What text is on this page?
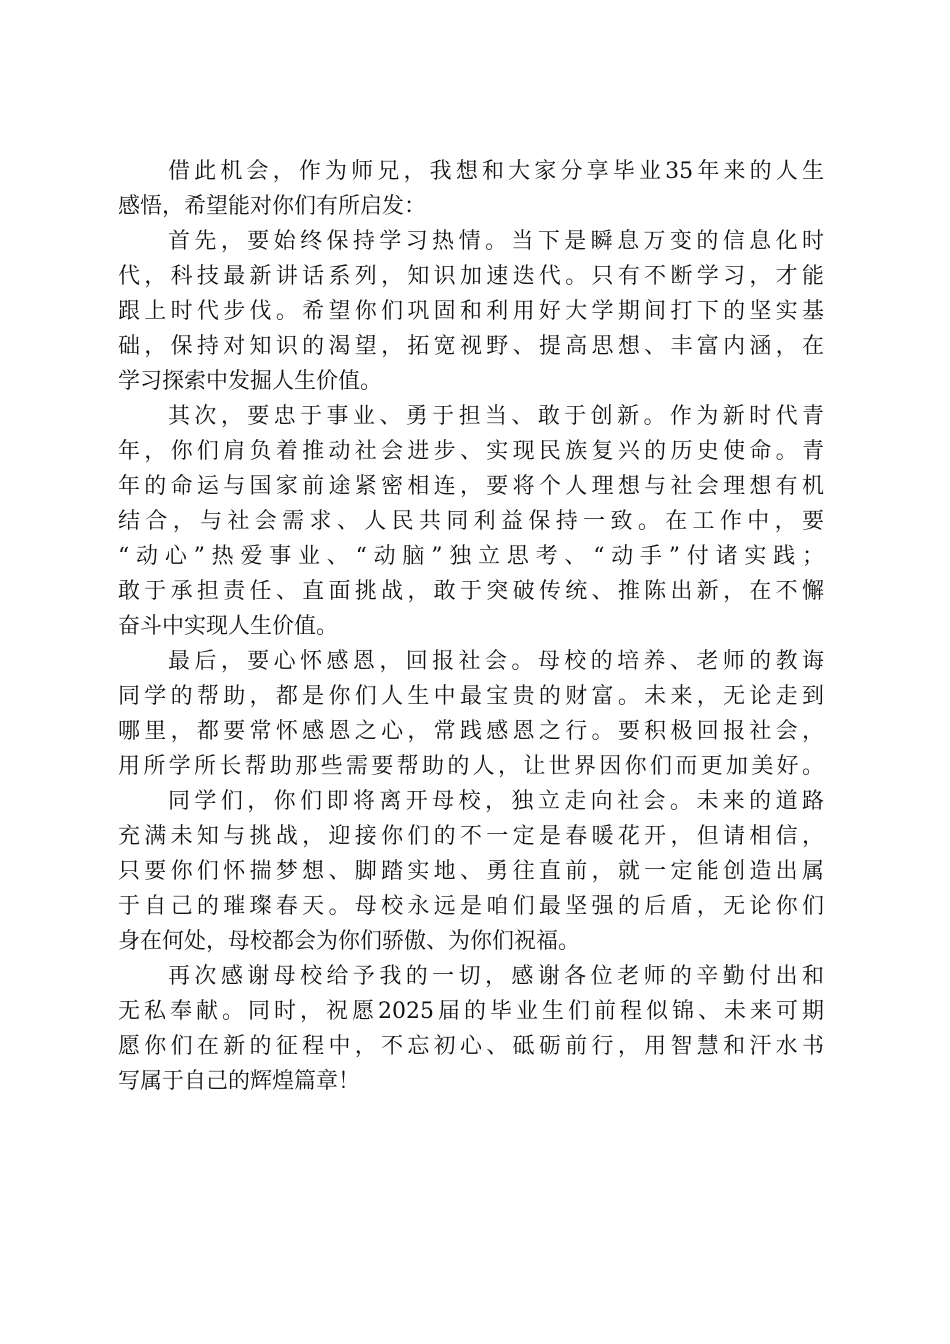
借此机会，作为师兄，我想和大家分享毕业35年来的人生
感悟，希望能对你们有所启发：
首先，要始终保持学习热情。当下是瞬息万变的信息化时
代，科技最新讲话系列，知识加速迭代。只有不断学习，才能
跟上时代步伐。希望你们巩固和利用好大学期间打下的坚实基
础，保持对知识的渴望，拓宽视野、提高思想、丰富内涵，在
学习探索中发掘人生价值。
其次，要忠于事业、勇于担当、敢于创新。作为新时代青
年，你们肩负着推动社会进步、实现民族复兴的历史使命。青
年的命运与国家前途紧密相连，要将个人理想与社会理想有机
结合，与社会需求、人民共同利益保持一致。在工作中，要
“动心”热爱事业、“动脑”独立思考、“动手”付诸实践；
敢于承担责任、直面挑战，敢于突破传统、推陈出新，在不懈
奋斗中实现人生价值。
最后，要心怀感恩，回报社会。母校的培养、老师的教诲
同学的帮助，都是你们人生中最宝贵的财富。未来，无论走到
哪里，都要常怀感恩之心，常践感恩之行。要积极回报社会，
用所学所长帮助那些需要帮助的人，让世界因你们而更加美好。
同学们，你们即将离开母校，独立走向社会。未来的道路
充满未知与挑战，迎接你们的不一定是春暖花开，但请相信，
只要你们怀揣梦想、脚踏实地、勇往直前，就一定能创造出属
于自己的璀璨春天。母校永远是咱们最坚强的后盾，无论你们
身在何处，母校都会为你们骄傲、为你们祝福。
再次感谢母校给予我的一切，感谢各位老师的辛勤付出和
无私奉献。同时，祝愿2025届的毕业生们前程似锦、未来可期
愿你们在新的征程中，不忘初心、砥砺前行，用智慧和汗水书
写属于自己的辉煌篇章！
